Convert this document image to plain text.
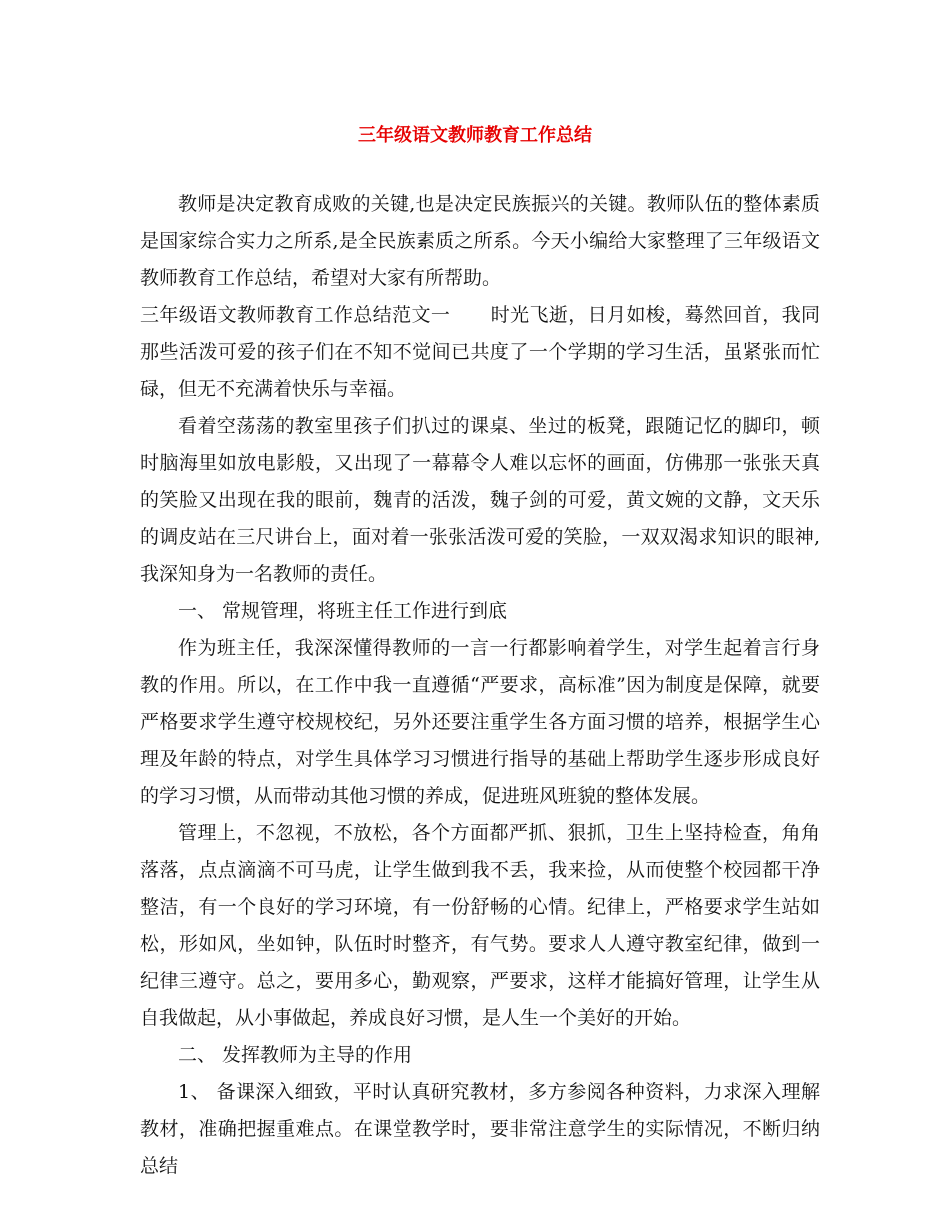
三年级语文教师教育工作总结

教师是决定教育成败的关键,也是决定民族振兴的关键。教师队伍的整体素质是国家综合实力之所系,是全民族素质之所系。今天小编给大家整理了三年级语文教师教育工作总结，希望对大家有所帮助。

三年级语文教师教育工作总结范文一 时光飞逝，日月如梭，蓦然回首，我同那些活泼可爱的孩子们在不知不觉间已共度了一个学期的学习生活，虽紧张而忙碌，但无不充满着快乐与幸福。

看着空荡荡的教室里孩子们扒过的课桌、坐过的板凳，跟随记忆的脚印，顿时脑海里如放电影般，又出现了一幕幕令人难以忘怀的画面，仿佛那一张张天真的笑脸又出现在我的眼前，魏青的活泼，魏子剑的可爱，黄文婉的文静，文天乐的调皮站在三尺讲台上，面对着一张张活泼可爱的笑脸，一双双渴求知识的眼神,我深知身为一名教师的责任。

一、 常规管理，将班主任工作进行到底

作为班主任，我深深懂得教师的一言一行都影响着学生，对学生起着言行身教的作用。所以，在工作中我一直遵循“严要求，高标准”因为制度是保障，就要严格要求学生遵守校规校纪，另外还要注重学生各方面习惯的培养，根据学生心理及年龄的特点，对学生具体学习习惯进行指导的基础上帮助学生逐步形成良好的学习习惯，从而带动其他习惯的养成，促进班风班貌的整体发展。

管理上，不忽视，不放松，各个方面都严抓、狠抓，卫生上坚持检查，角角落落，点点滴滴不可马虎，让学生做到我不丢，我来捡，从而使整个校园都干净整洁，有一个良好的学习环境，有一份舒畅的心情。纪律上，严格要求学生站如松，形如风，坐如钟，队伍时时整齐，有气势。要求人人遵守教室纪律，做到一纪律三遵守。总之，要用多心，勤观察，严要求，这样才能搞好管理，让学生从自我做起，从小事做起，养成良好习惯，是人生一个美好的开始。

二、 发挥教师为主导的作用

1、 备课深入细致，平时认真研究教材，多方参阅各种资料，力求深入理解教材，准确把握重难点。在课堂教学时，要非常注意学生的实际情况，不断归纳总结
